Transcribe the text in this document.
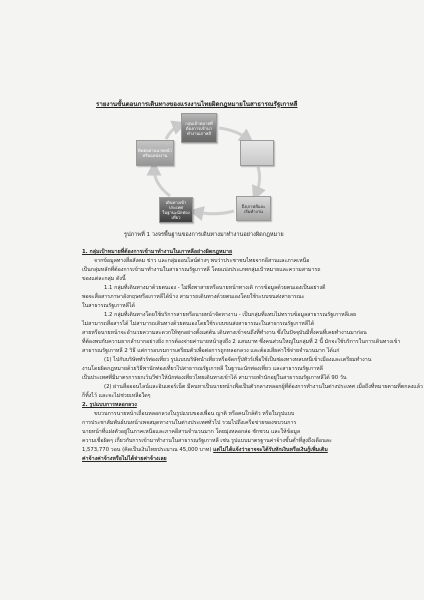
รายงานขั้นตอนการเดินทางของแรงงานไทยผิดกฎหมายในสาธารณรัฐเกาหลี
กลุ่มเป้าหมายที่
ต้องการเข้ามา
ทำงานเกาหลี
ถึงเกาหลีและ
เริ่มทำงาน
เดินทางเข้า
ประเทศ
ในฐานะนักท่องเที่ยว
ติดต่อผ่านนายหน้า
หรือแหล่งงาน
รูปภาพที่ 1 วงจรพื้นฐานของการเดินทางมาทำงานอย่างผิดกฎหมาย

1. กลุ่มเป้าหมายที่ต้องการเข้ามาทำงานในเกาหลีอย่างผิดกฎหมาย

จากข้อมูลทางสื่อสังคม ข่าว และกลุ่มออนไลน์ต่างๆ พบว่าประชาชนไทยจากอีสานและภาคเหนือ

เป็นกลุ่มหลักที่ต้องการเข้ามาทำงานในสาธารณรัฐเกาหลี โดยแบ่งประเภทกลุ่มเป้าหมายและความสามารถ

ของแต่ละกลุ่ม ดังนี้

1.1 กลุ่มที่เดินทางมาด้วยตนเอง - ไม่พึ่งพาสายหรือนายหน้าทางเดิ การข้อมูลด้วยตนเองเป็นอย่างดี

พอจะสื่อสารภาษาอังกฤษหรือเกาหลีได้บ้าง สามารถเดินทางด้วยตนเองโดยใช้ระบบขนส่งสาธารณะ

ในสาธารณรัฐเกาหลีได้

1.2 กลุ่มที่เดินทางโดยใช้บริการสายหรือนายหน้าจัดหางาน - เป็นกลุ่มที่แทบไม่ทราบข้อมูลสาธารณรัฐเกาหลีเลย

ไม่สามารถสื่อสารได้ ไม่สามารถเดินทางด้วยตนเองโดยใช้ระบบขนส่งสาธารณะในสาธารณรัฐเกาหลีได้

สายหรือนายหน้าจะอำนวยความสะดวกให้ทุกอย่างตั้งแต่ต้น เดินทางเข้าจนถึงที่ทำงาน ซึ่งในปัจจุบันมีทั้งคนที่เคยทำงานมาก่อน

ที่ต้องพบกับความยากลำบากอย่างยิ่ง การต้องจ่ายค่านายหน้าสูงถึง 2 แสนบาท ซึ่งคนส่วนใหญ่ในกลุ่มที่ 2 นี้ มักจะใช้บริการในการเดินทางเข้า

สาธารณรัฐเกาหลี 2 วิธี แต่การอบรมการเตรียมตัวเพื่อต่อการถูกหลอกลวง และต้องเสียค่าใช้จ่ายจำนวนมาก ได้แก่

(1) ไปกับบริษัททัวร์ท่องเที่ยว รูปแบบบริษัทนำเที่ยวหรือจัดกรุ๊ปทัวร์เพื่อใช้เป็นช่องทางหลบหนีเข้าเมืองและเตรียมทำงาน

งานโดยผิดกฎหมายด้วยวิธีพานักท่องเที่ยวไปสาธารณรัฐเกาหลี ในฐานะนักท่องเที่ยว และสาธารณรัฐเกาหลี

เป็นประเทศที่มีมาตรการยกเว้นวีซ่าให้นักท่องเที่ยวไทยเดินทางเข้าได้ สามารถพำนักอยู่ในสาธารณรัฐเกาหลีได้ 90 วัน

(2) ผ่านสื่อออนไลน์และอินเตอร์เน็ต มีคนหาเป็นนายหน้าเพื่อเป็นตัวกลางหลอกผู้ที่ต้องการทำงานในต่างประเทศ เมื่อถึงที่หมายตามที่ตกลงแล้ว

ก็ทิ้งไว้ และจะไม่ช่วยเหลือใดๆ

2. รูปแบบการหลอกลวง

ขบวนการนายหน้าเถื่อนหลอกลวงในรูปแบบของเพื่อน ญาติ หรือคนใกล้ตัว หรือในรูปแบบ

การประชาสัมพันธ์บนหน้าเพจสมุดหางานในต่างประเทศทั่วไป รวมไปถึงเครือข่ายของขบวนการ

นายหน้าที่แฝงตัวอยู่ในภาคเหนือและภาคอีสานจำนวนมาก โดยมุ่งหลอกล่อ ชักชวน และให้ข้อมูล

ความเชื่อผิดๆ เกี่ยวกับการเข้ามาทำงานในสาธารณรัฐเกาหลี เช่น รูปแบบมาตรฐานค่าจ้างขั้นต่ำที่สูงถึงเดือนละ

1,573,770 วอน (คิดเป็นเงินไทยประมาณ 45,000 บาท) แต่ไม่ได้แจ้งว่าอาจจะได้รับหักเงินหรือเงินกู้เพิ่มเติม

ค่าจ้างค่าจ้างหรือไม่ได้จ่ายค่าจ้างเลย
